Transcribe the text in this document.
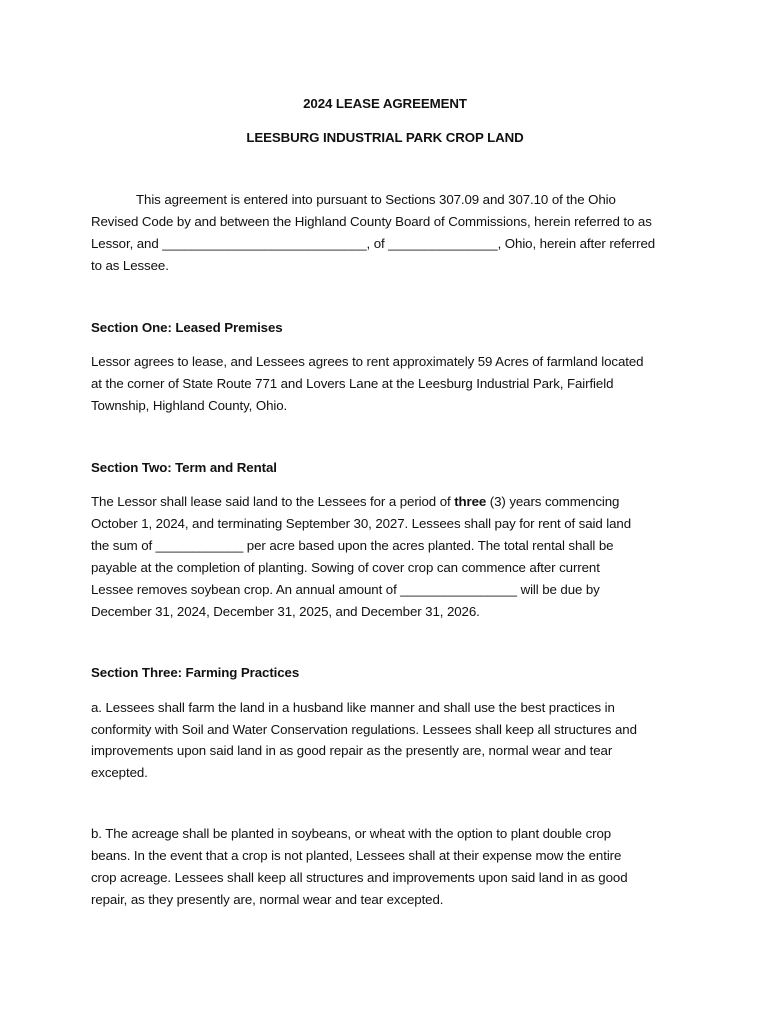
2024 LEASE AGREEMENT
LEESBURG INDUSTRIAL PARK CROP LAND
This agreement is entered into pursuant to Sections 307.09 and 307.10 of the Ohio
Revised Code by and between the Highland County Board of Commissions, herein referred to as
Lessor, and ____________________________, of _______________, Ohio, herein after referred
to as Lessee.
Section One: Leased Premises
Lessor agrees to lease, and Lessees agrees to rent approximately 59 Acres of farmland located
at the corner of State Route 771 and Lovers Lane at the Leesburg Industrial Park, Fairfield
Township, Highland County, Ohio.
Section Two: Term and Rental
The Lessor shall lease said land to the Lessees for a period of three (3) years commencing
October 1, 2024, and terminating September 30, 2027. Lessees shall pay for rent of said land
the sum of ____________ per acre based upon the acres planted. The total rental shall be
payable at the completion of planting. Sowing of cover crop can commence after current
Lessee removes soybean crop. An annual amount of ________________ will be due by
December 31, 2024, December 31, 2025, and December 31, 2026.
Section Three: Farming Practices
a. Lessees shall farm the land in a husband like manner and shall use the best practices in
conformity with Soil and Water Conservation regulations. Lessees shall keep all structures and
improvements upon said land in as good repair as the presently are, normal wear and tear
excepted.
b. The acreage shall be planted in soybeans, or wheat with the option to plant double crop
beans. In the event that a crop is not planted, Lessees shall at their expense mow the entire
crop acreage. Lessees shall keep all structures and improvements upon said land in as good
repair, as they presently are, normal wear and tear excepted.
